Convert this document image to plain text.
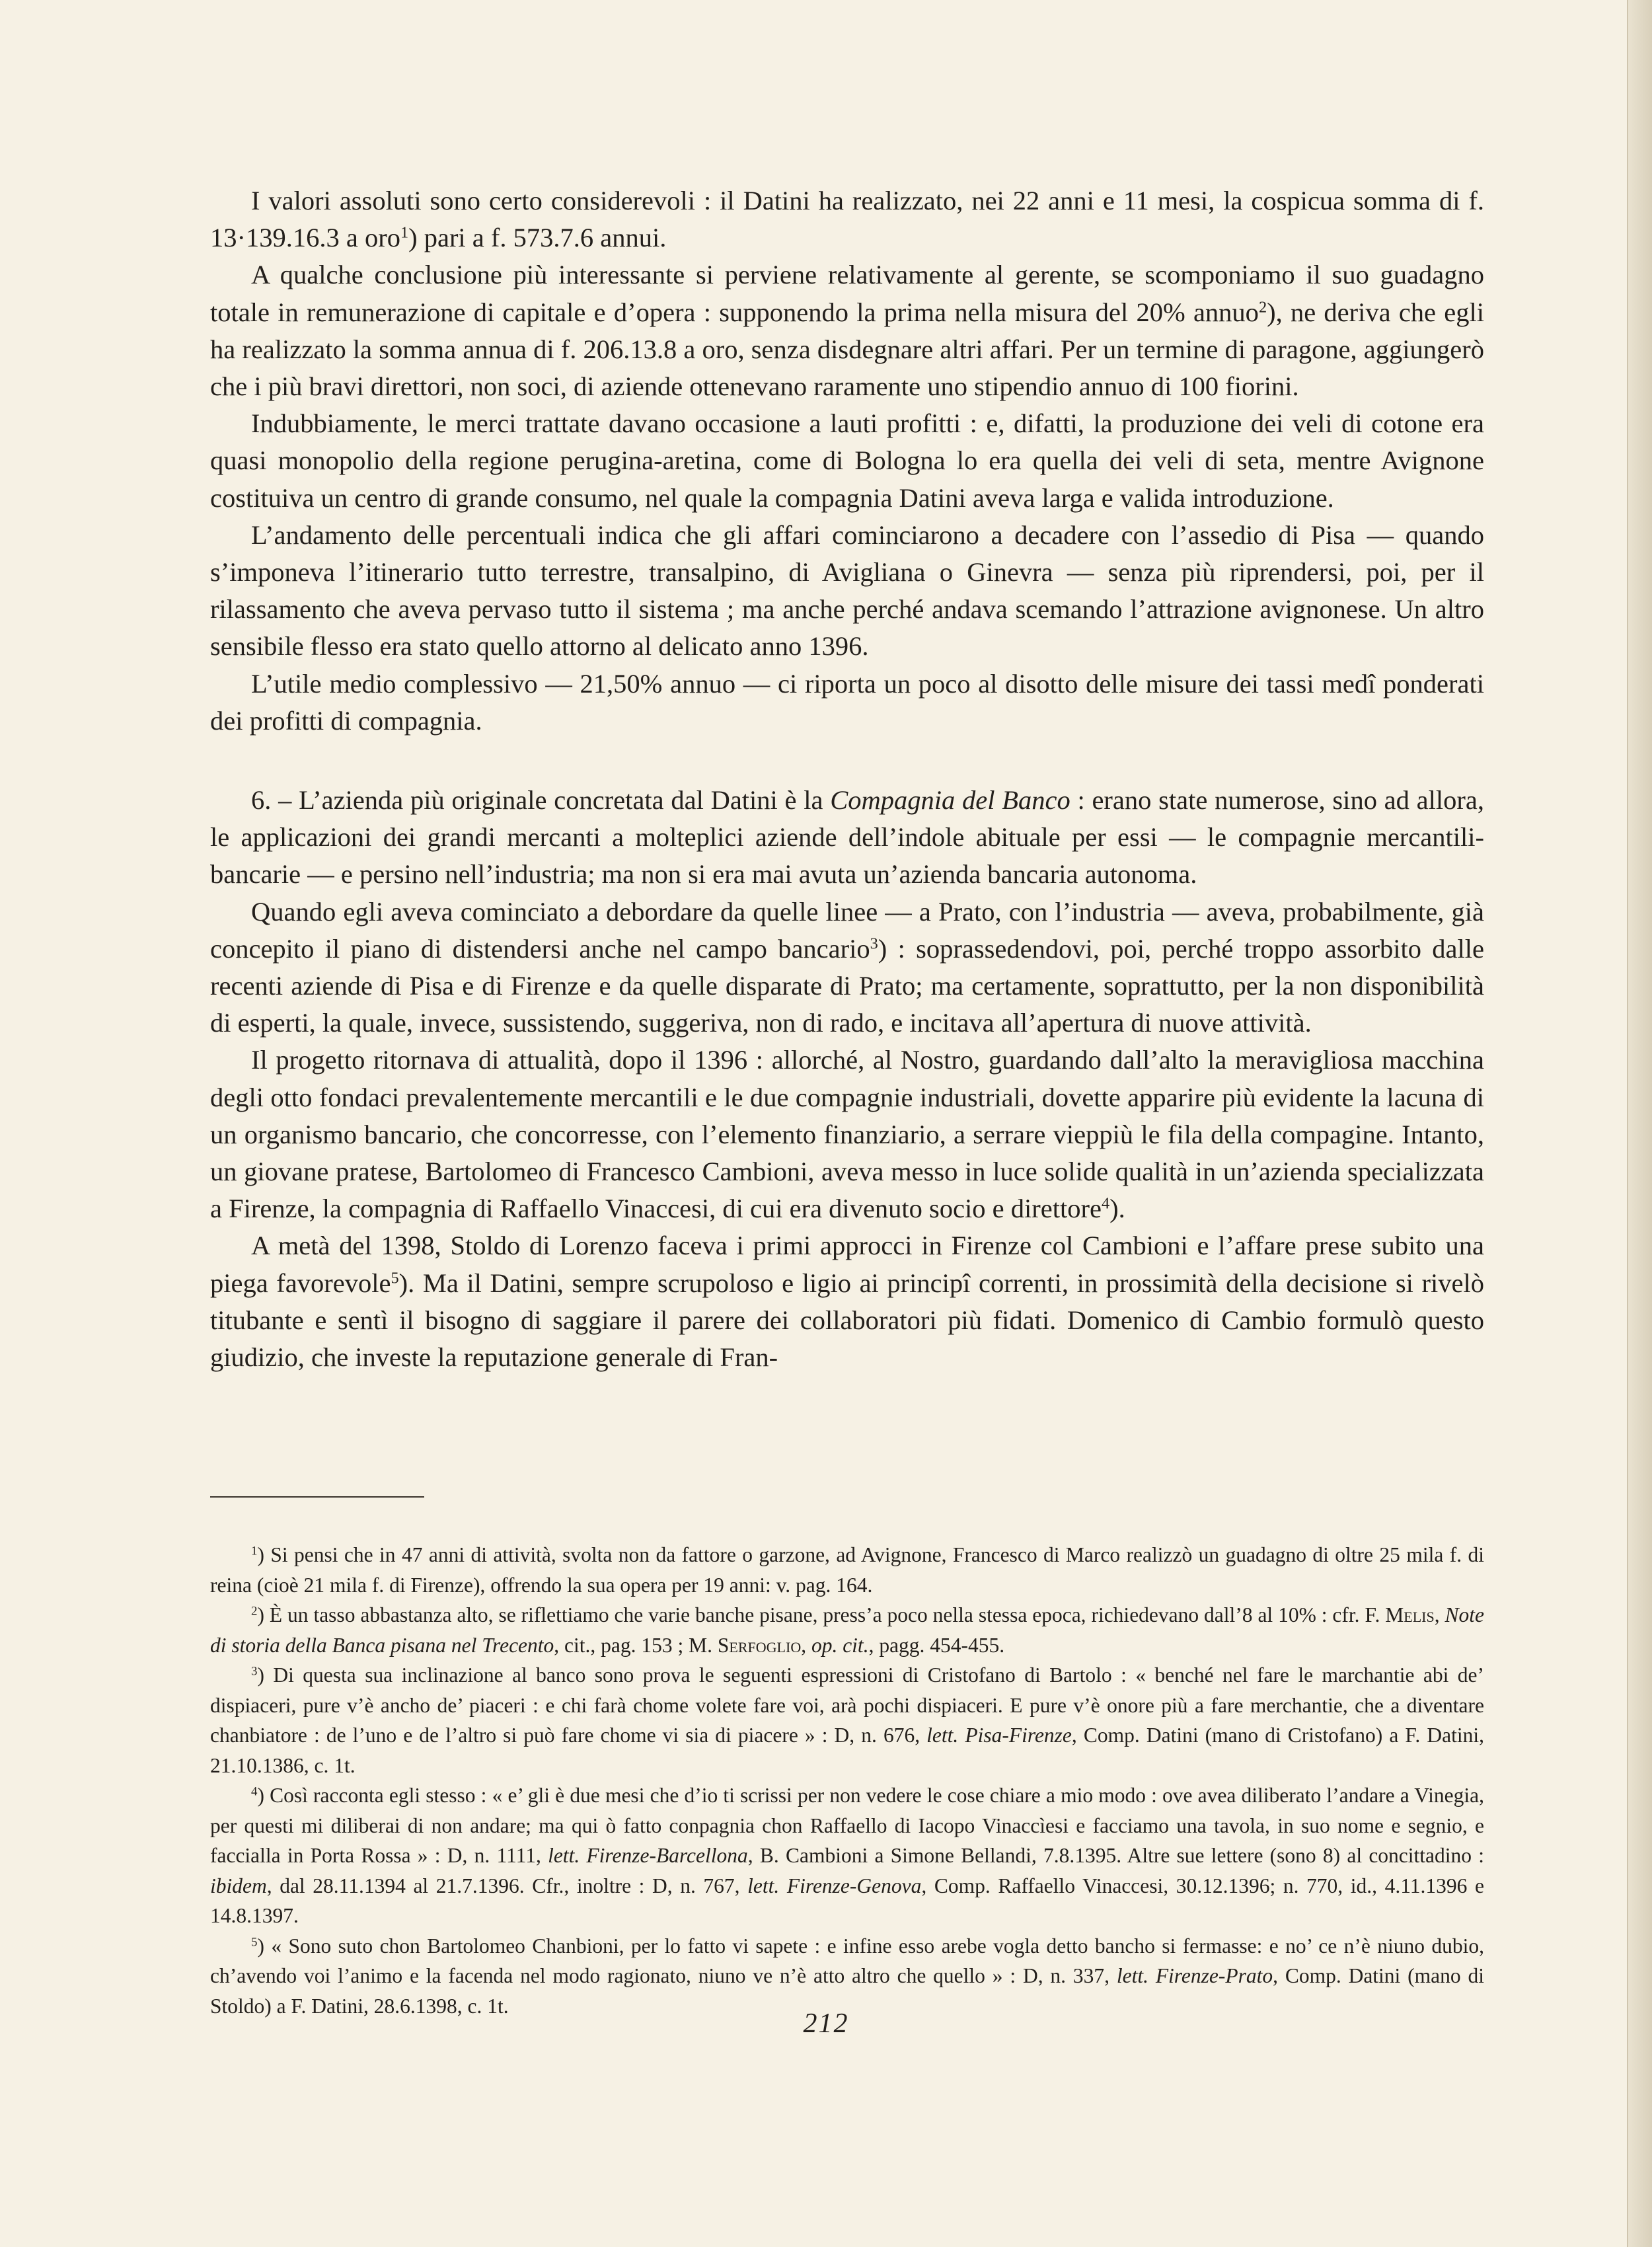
I valori assoluti sono certo considerevoli : il Datini ha realizzato, nei 22 anni e 11 mesi, la cospicua somma di f. 13·139.16.3 a oro$^1$) pari a f. 573.7.6 annui.

A qualche conclusione più interessante si perviene relativamente al gerente, se scomponiamo il suo guadagno totale in remunerazione di capitale e d’opera : supponendo la prima nella misura del 20% annuo$^2$), ne deriva che egli ha realizzato la somma annua di f. 206.13.8 a oro, senza disdegnare altri affari. Per un termine di paragone, aggiungerò che i più bravi direttori, non soci, di aziende ottenevano raramente uno stipendio annuo di 100 fiorini.

Indubbiamente, le merci trattate davano occasione a lauti profitti : e, difatti, la produzione dei veli di cotone era quasi monopolio della regione perugina-aretina, come di Bologna lo era quella dei veli di seta, mentre Avignone costituiva un centro di grande consumo, nel quale la compagnia Datini aveva larga e valida introduzione.

L’andamento delle percentuali indica che gli affari cominciarono a decadere con l’assedio di Pisa — quando s’imponeva l’itinerario tutto terrestre, transalpino, di Avigliana o Ginevra — senza più riprendersi, poi, per il rilassamento che aveva pervaso tutto il sistema ; ma anche perché andava scemando l’attrazione avignonese. Un altro sensibile flesso era stato quello attorno al delicato anno 1396.

L’utile medio complessivo — 21,50% annuo — ci riporta un poco al disotto delle misure dei tassi medî ponderati dei profitti di compagnia.

6. – L’azienda più originale concretata dal Datini è la Compagnia del Banco : erano state numerose, sino ad allora, le applicazioni dei grandi mercanti a molteplici aziende dell’indole abituale per essi — le compagnie mercantili-bancarie — e persino nell’industria; ma non si era mai avuta un’azienda bancaria autonoma.

Quando egli aveva cominciato a debordare da quelle linee — a Prato, con l’industria — aveva, probabilmente, già concepito il piano di distendersi anche nel campo bancario$^3$) : soprassedendovi, poi, perché troppo assorbito dalle recenti aziende di Pisa e di Firenze e da quelle disparate di Prato; ma certamente, soprattutto, per la non disponibilità di esperti, la quale, invece, sussistendo, suggeriva, non di rado, e incitava all’apertura di nuove attività.

Il progetto ritornava di attualità, dopo il 1396 : allorché, al Nostro, guardando dall’alto la meravigliosa macchina degli otto fondaci prevalentemente mercantili e le due compagnie industriali, dovette apparire più evidente la lacuna di un organismo bancario, che concorresse, con l’elemento finanziario, a serrare vieppiù le fila della compagine. Intanto, un giovane pratese, Bartolomeo di Francesco Cambioni, aveva messo in luce solide qualità in un’azienda specializzata a Firenze, la compagnia di Raffaello Vinaccesi, di cui era divenuto socio e direttore$^4$).

A metà del 1398, Stoldo di Lorenzo faceva i primi approcci in Firenze col Cambioni e l’affare prese subito una piega favorevole$^5$). Ma il Datini, sempre scrupoloso e ligio ai principî correnti, in prossimità della decisione si rivelò titubante e sentì il bisogno di saggiare il parere dei collaboratori più fidati. Domenico di Cambio formulò questo giudizio, che investe la reputazione generale di Fran-

$^1$) Si pensi che in 47 anni di attività, svolta non da fattore o garzone, ad Avignone, Francesco di Marco realizzò un guadagno di oltre 25 mila f. di reina (cioè 21 mila f. di Firenze), offrendo la sua opera per 19 anni: v. pag. 164.

$^2$) È un tasso abbastanza alto, se riflettiamo che varie banche pisane, press’a poco nella stessa epoca, richiedevano dall’8 al 10% : cfr. F. Melis, Note di storia della Banca pisana nel Trecento, cit., pag. 153 ; M. Serfoglio, op. cit., pagg. 454-455.

$^3$) Di questa sua inclinazione al banco sono prova le seguenti espressioni di Cristofano di Bartolo : « benché nel fare le marchantie abi de’ dispiaceri, pure v’è ancho de’ piaceri : e chi farà chome volete fare voi, arà pochi dispiaceri. E pure v’è onore più a fare merchantie, che a diventare chanbiatore : de l’uno e de l’altro si può fare chome vi sia di piacere » : D, n. 676, lett. Pisa-Firenze, Comp. Datini (mano di Cristofano) a F. Datini, 21.10.1386, c. 1t.

$^4$) Così racconta egli stesso : « e’ gli è due mesi che d’io ti scrissi per non vedere le cose chiare a mio modo : ove avea diliberato l’andare a Vinegia, per questi mi diliberai di non andare; ma qui ò fatto conpagnia chon Raffaello di Iacopo Vinaccìesi e facciamo una tavola, in suo nome e segnio, e facciallа in Porta Rossa » : D, n. 1111, lett. Firenze-Barcellona, B. Cambioni a Simone Bellandi, 7.8.1395. Altre sue lettere (sono 8) al concittadino : ibidem, dal 28.11.1394 al 21.7.1396. Cfr., inoltre : D, n. 767, lett. Firenze-Genova, Comp. Raffaello Vinaccesi, 30.12.1396; n. 770, id., 4.11.1396 e 14.8.1397.

$^5$) « Sono suto chon Bartolomeo Chanbioni, per lo fatto vi sapete : e infine esso arebe vogla detto bancho si fermasse: e no’ ce n’è niuno dubio, ch’avendo voi l’animo e la facenda nel modo ragionato, niuno ve n’è atto altro che quello » : D, n. 337, lett. Firenze-Prato, Comp. Datini (mano di Stoldo) a F. Datini, 28.6.1398, c. 1t.

212
